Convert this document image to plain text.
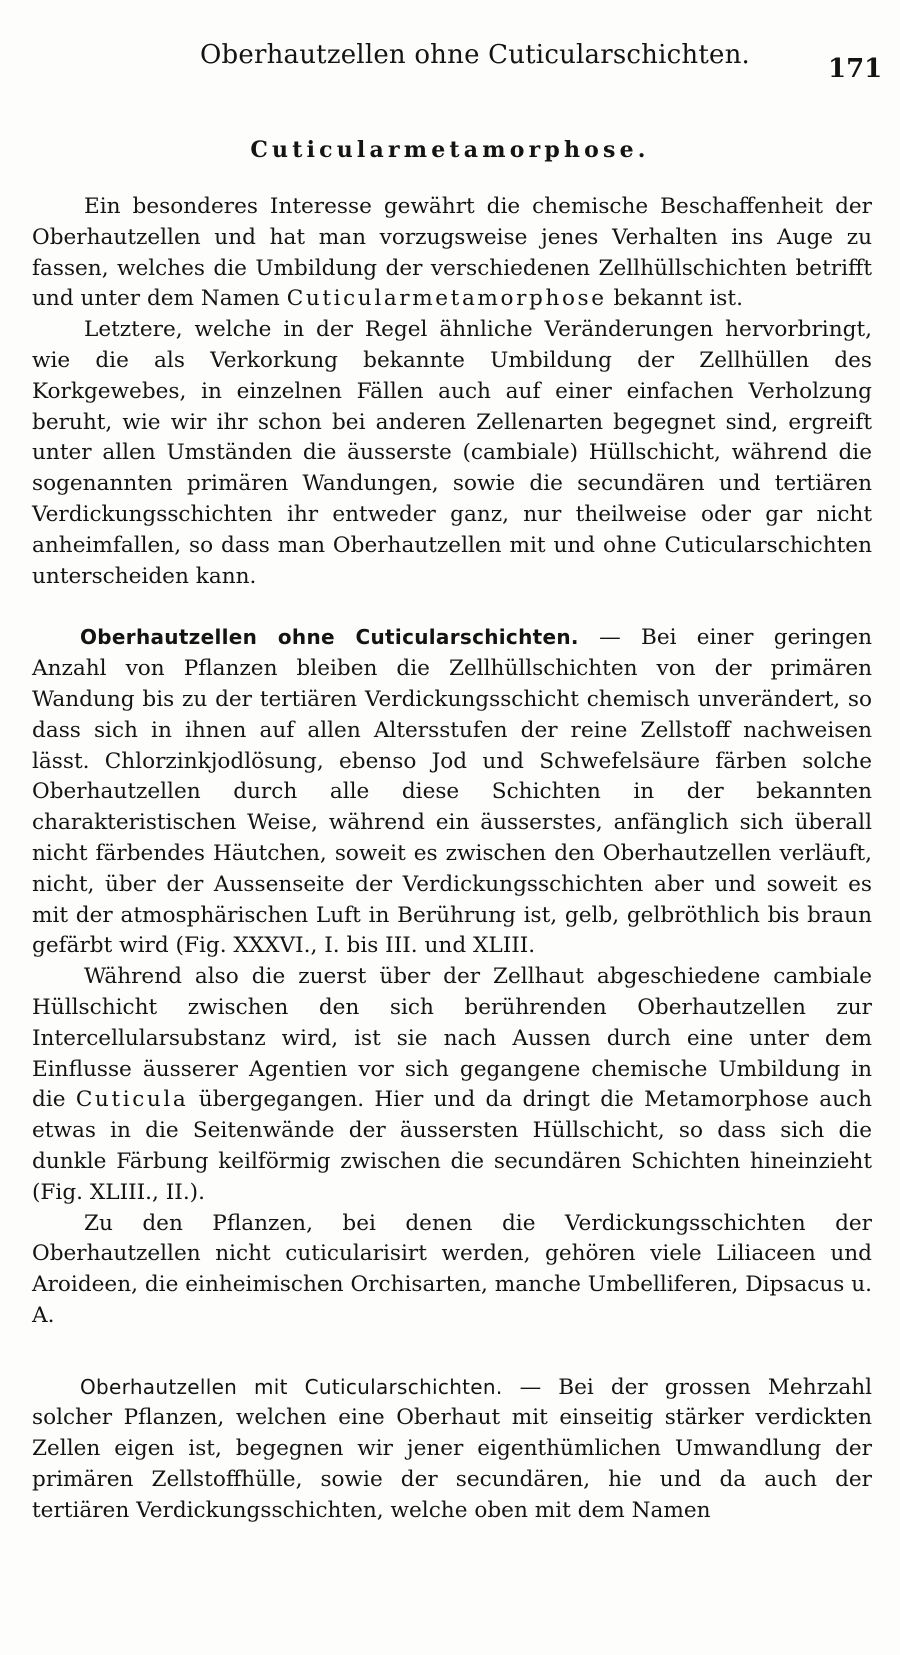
Oberhautzellen ohne Cuticularschichten.	171
Cuticularmetamorphose.

Ein besonderes Interesse gewährt die chemische Beschaffenheit der Oberhautzellen und hat man vorzugsweise jenes Verhalten ins Auge zu fassen, welches die Umbildung der verschiedenen Zellhüllschichten betrifft und unter dem Namen Cuticularmetamorphose bekannt ist.

Letztere, welche in der Regel ähnliche Veränderungen hervorbringt, wie die als Verkorkung bekannte Umbildung der Zellhüllen des Korkgewebes, in einzelnen Fällen auch auf einer einfachen Verholzung beruht, wie wir ihr schon bei anderen Zellenarten begegnet sind, ergreift unter allen Umständen die äusserste (cambiale) Hüllschicht, während die sogenannten primären Wandungen, sowie die secundären und tertiären Verdickungsschichten ihr entweder ganz, nur theilweise oder gar nicht anheimfallen, so dass man Oberhautzellen mit und ohne Cuticularschichten unterscheiden kann.

Oberhautzellen ohne Cuticularschichten. — Bei einer geringen Anzahl von Pflanzen bleiben die Zellhüllschichten von der primären Wandung bis zu der tertiären Verdickungsschicht chemisch unverändert, so dass sich in ihnen auf allen Altersstufen der reine Zellstoff nachweisen lässt. Chlorzinkjodlösung, ebenso Jod und Schwefelsäure färben solche Oberhautzellen durch alle diese Schichten in der bekannten charakteristischen Weise, während ein äusserstes, anfänglich sich überall nicht färbendes Häutchen, soweit es zwischen den Oberhautzellen verläuft, nicht, über der Aussenseite der Verdickungsschichten aber und soweit es mit der atmosphärischen Luft in Berührung ist, gelb, gelbröthlich bis braun gefärbt wird (Fig. XXXVI., I. bis III. und XLIII.

Während also die zuerst über der Zellhaut abgeschiedene cambiale Hüllschicht zwischen den sich berührenden Oberhautzellen zur Intercellularsubstanz wird, ist sie nach Aussen durch eine unter dem Einflusse äusserer Agentien vor sich gegangene chemische Umbildung in die Cuticula übergegangen. Hier und da dringt die Metamorphose auch etwas in die Seitenwände der äussersten Hüllschicht, so dass sich die dunkle Färbung keilförmig zwischen die secundären Schichten hineinzieht (Fig. XLIII., II.).

Zu den Pflanzen, bei denen die Verdickungsschichten der Oberhautzellen nicht cuticularisirt werden, gehören viele Liliaceen und Aroideen, die einheimischen Orchisarten, manche Umbelliferen, Dipsacus u. A.

Oberhautzellen mit Cuticularschichten. — Bei der grossen Mehrzahl solcher Pflanzen, welchen eine Oberhaut mit einseitig stärker verdickten Zellen eigen ist, begegnen wir jener eigenthümlichen Umwandlung der primären Zellstoffhülle, sowie der secundären, hie und da auch der tertiären Verdickungsschichten, welche oben mit dem Namen
